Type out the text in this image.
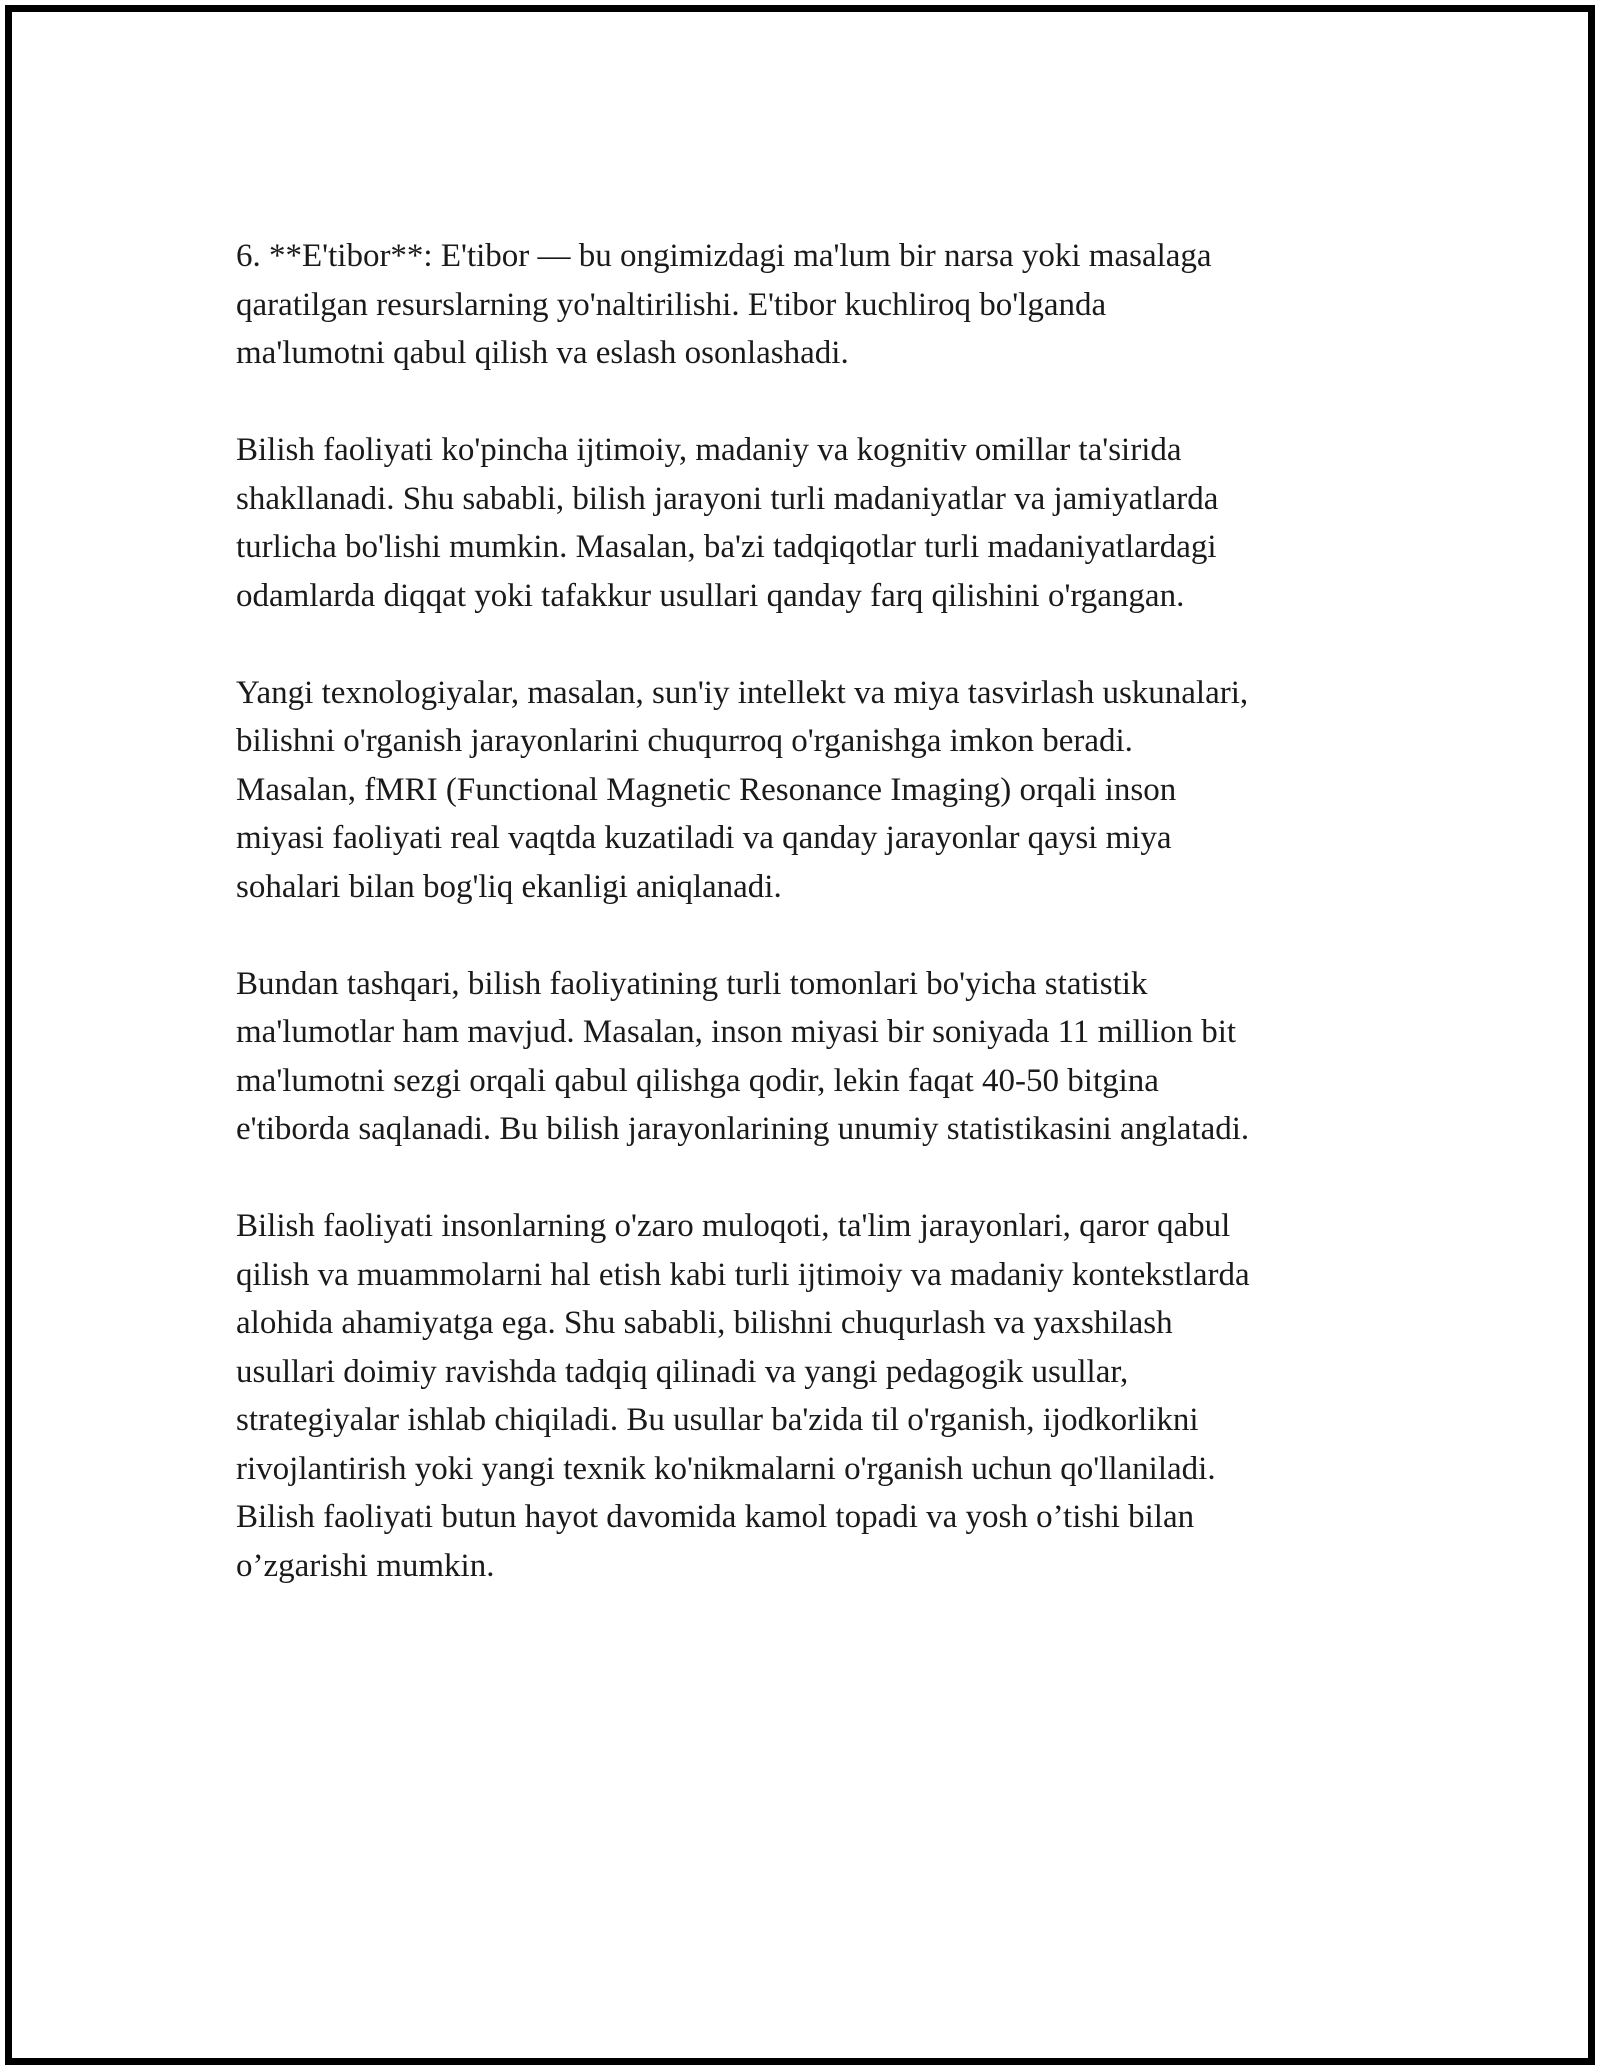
6. **E'tibor**: E'tibor — bu ongimizdagi ma'lum bir narsa yoki masalaga
qaratilgan resurslarning yo'naltirilishi. E'tibor kuchliroq bo'lganda
ma'lumotni qabul qilish va eslash osonlashadi.

Bilish faoliyati ko'pincha ijtimoiy, madaniy va kognitiv omillar ta'sirida
shakllanadi. Shu sababli, bilish jarayoni turli madaniyatlar va jamiyatlarda
turlicha bo'lishi mumkin. Masalan, ba'zi tadqiqotlar turli madaniyatlardagi
odamlarda diqqat yoki tafakkur usullari qanday farq qilishini o'rgangan.

Yangi texnologiyalar, masalan, sun'iy intellekt va miya tasvirlash uskunalari,
bilishni o'rganish jarayonlarini chuqurroq o'rganishga imkon beradi.
Masalan, fMRI (Functional Magnetic Resonance Imaging) orqali inson
miyasi faoliyati real vaqtda kuzatiladi va qanday jarayonlar qaysi miya
sohalari bilan bog'liq ekanligi aniqlanadi.

Bundan tashqari, bilish faoliyatining turli tomonlari bo'yicha statistik
ma'lumotlar ham mavjud. Masalan, inson miyasi bir soniyada 11 million bit
ma'lumotni sezgi orqali qabul qilishga qodir, lekin faqat 40-50 bitgina
e'tiborda saqlanadi. Bu bilish jarayonlarining unumiy statistikasini anglatadi.

Bilish faoliyati insonlarning o'zaro muloqoti, ta'lim jarayonlari, qaror qabul
qilish va muammolarni hal etish kabi turli ijtimoiy va madaniy kontekstlarda
alohida ahamiyatga ega. Shu sababli, bilishni chuqurlash va yaxshilash
usullari doimiy ravishda tadqiq qilinadi va yangi pedagogik usullar,
strategiyalar ishlab chiqiladi. Bu usullar ba'zida til o'rganish, ijodkorlikni
rivojlantirish yoki yangi texnik ko'nikmalarni o'rganish uchun qo'llaniladi.
Bilish faoliyati butun hayot davomida kamol topadi va yosh o’tishi bilan
o’zgarishi mumkin.
